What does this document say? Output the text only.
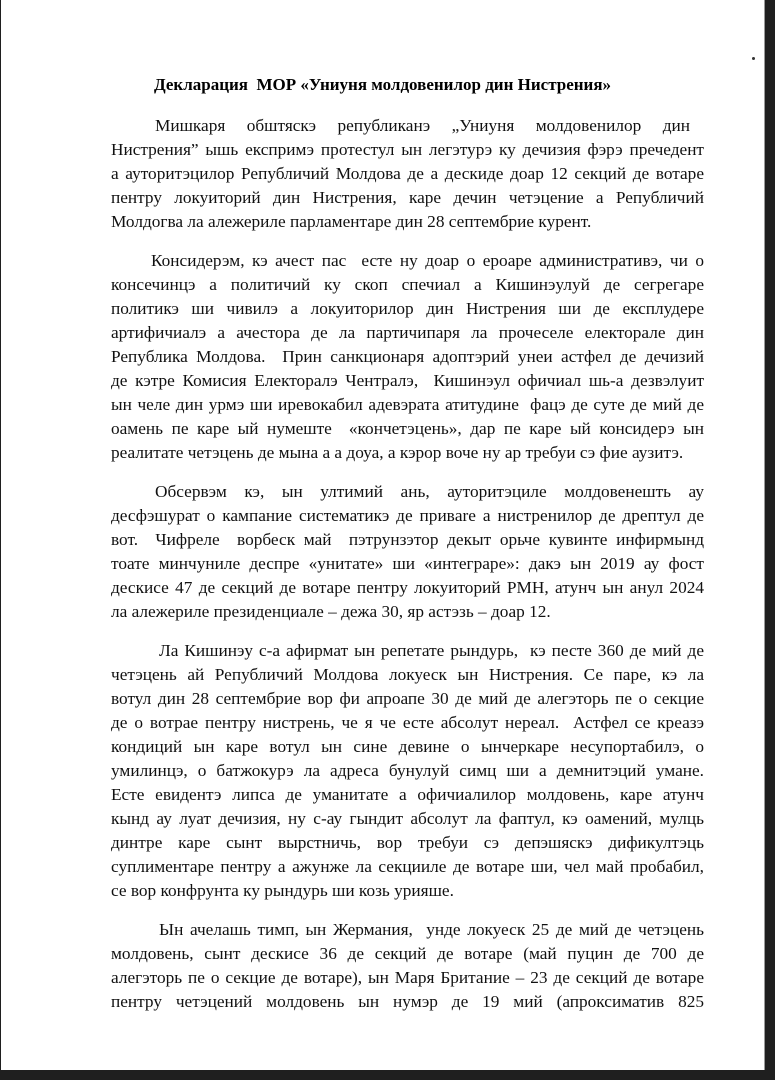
Декларация  МОР «Униуня молдовенилор дин Нистрения»
Мишкаря  обштяскэ  републиканэ  „Униуня  молдовенилор  дин
Нистрения” ышь експримэ протестул ын легэтурэ ку дечизия фэрэ пречедент
а ауторитэцилор Републичий Молдова де а дескиде доар 12 секций де вотаре
пентру локуиторий дин Нистрения, каре дечин четэцение а Републичий
Молдогва ла алежериле парламентаре дин 28 септембрие курент.
Консидерэм, кэ ачест пас  есте ну доар о ероаре административэ, чи о
консечинцэ  а  политичий  ку  скоп  спечиал  а  Кишинэулуй  де  сегрегаре
политикэ  ши  чивилэ  а  локуиторилор  дин  Нистрения  ши  де  експлудере
артифичиалэ  а  ачестора  де  ла  партичипаря  ла  прочеселе  електорале  дин
Република Молдова.  Прин санкционаря адоптэрий унеи астфел де дечизий
де кэтре Комисия Електоралэ Чентралэ,  Кишинэул офичиал шь-а дезвэлуит
ын челе дин урмэ ши иревокабил адевэрата атитудине  фацэ де суте де мий де
оамень пе каре ый нумеште  «кончетэцень», дар пе каре ый консидерэ ын
реалитате четэцень де мына а а доуа, а кэрор воче ну ар требуи сэ фие аузитэ.
Обсервэм  кэ,  ын  ултимий  ань,  ауторитэциле  молдовенешть  ау
десфэшурат о кампание систематикэ де привare а нистренилор де дрептул де
вот.  Чифреле  ворбеск май  пэтрунзэтор декыт орьче кувинте инфирмынд
тоате минчуниле деспре «унитате» ши «интеграре»: дакэ ын 2019 ау фост
дескисе 47 де секций де вотаре пентру локуиторий РМН, атунч ын анул 2024
ла алежериле президенциале – дежа 30, яр астэзь – доар 12.
Ла Кишинэу с-а афирмат ын репетате рындурь,  кэ песте 360 де мий де
четэцень ай Републичий Молдова локуеск ын Нистрения. Се паре, кэ ла
вотул дин 28 септембрие вор фи апроапе 30 де мий де алегэторь пе о секцие
де о вотрае пентру нистрень, че я че есте абсолут нереал.  Астфел се креазэ
кондиций ын каре вотул ын сине девине о ынчеркаре несупортабилэ, о
умилинцэ, о батжокурэ ла адреса бунулуй симц ши а демнитэций умане.
Есте евидентэ липса де уманитате а офичиалилор молдовень, каре атунч
кынд ау луат дечизия, ну с-ау гындит абсолут ла фаптул, кэ оамений, мулць
динтре  каре  сынт  вырстничь,  вор  требуи  сэ  депэшяскэ  дификултэць
суплиментаре пентру а ажунже ла секцииле де вотаре ши, чел май пробабил,
се вор конфрунта ку рындурь ши козь урияше.
Ын ачелашь тимп, ын Жермания,  унде локуеск 25 де мий де четэцень
молдовень,  сынт  дескисе  36  де  секций  де  вотаре  (май  пуцин  де  700  де
алегэторь пе о секцие де вотаре), ын Маря Британие – 23 де секций де вотаре
пентру  четэцений  молдовень  ын  нумэр  де  19  мий  (апроксиматив  825
